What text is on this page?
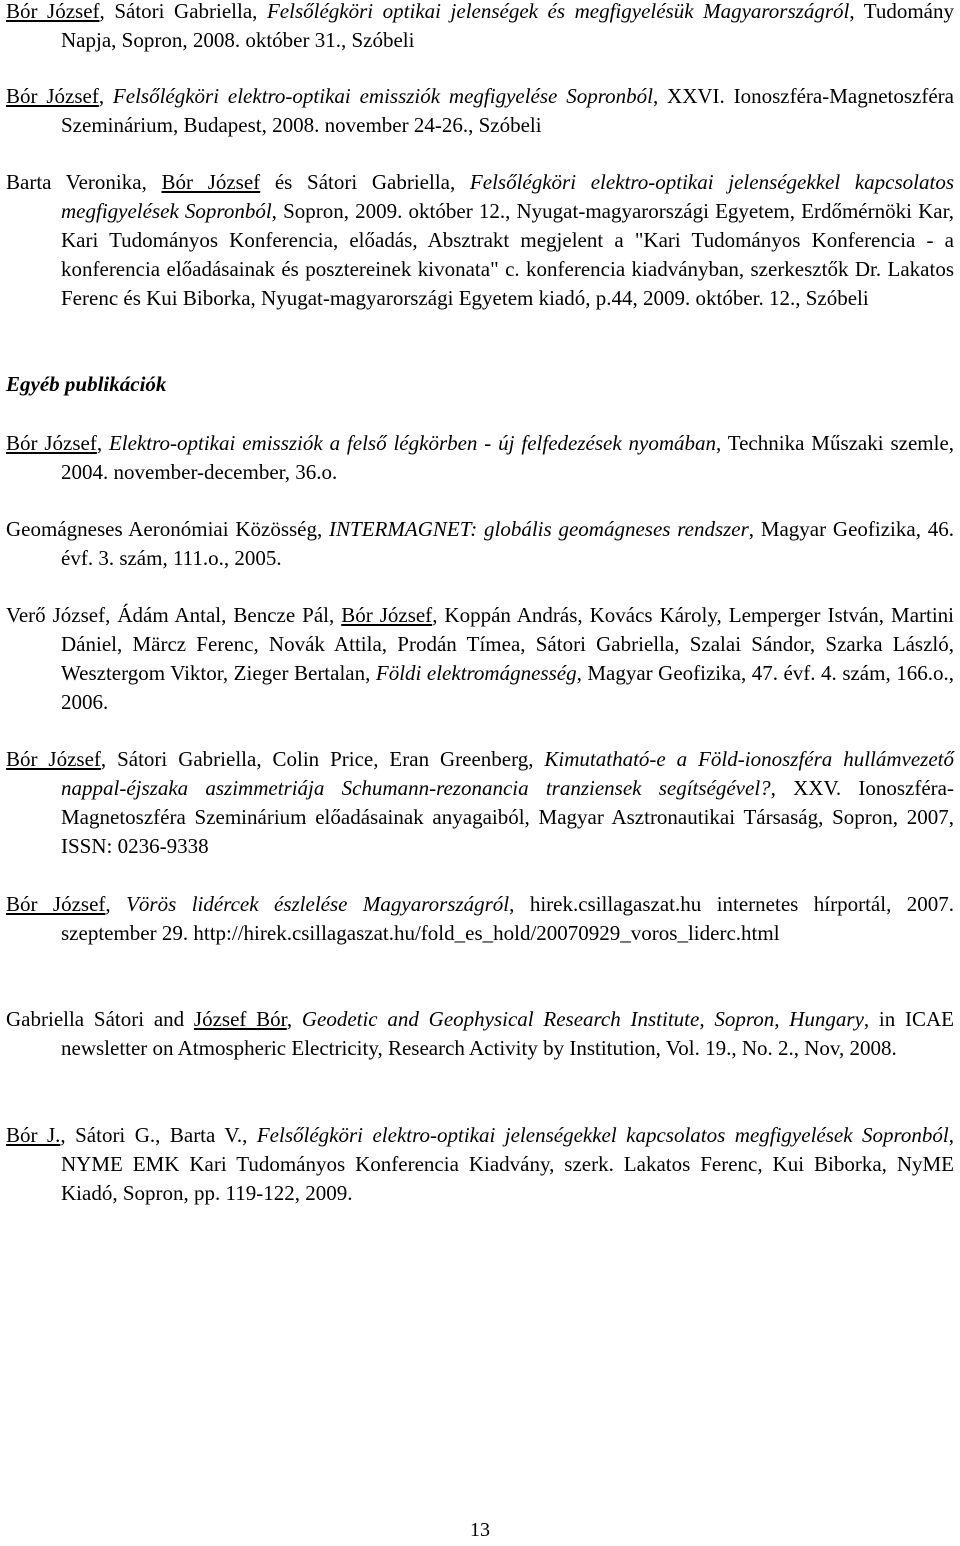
Bór József, Sátori Gabriella, Felsőlégköri optikai jelenségek és megfigyelésük Magyarországról, Tudomány Napja, Sopron, 2008. október 31., Szóbeli
Bór József, Felsőlégköri elektro-optikai emissziók megfigyelése Sopronból, XXVI. Ionoszféra-Magnetoszféra Szeminárium, Budapest, 2008. november 24-26., Szóbeli
Barta Veronika, Bór József és Sátori Gabriella, Felsőlégköri elektro-optikai jelenségekkel kapcsolatos megfigyelések Sopronból, Sopron, 2009. október 12., Nyugat-magyarországi Egyetem, Erdőmérnöki Kar, Kari Tudományos Konferencia, előadás, Absztrakt megjelent a "Kari Tudományos Konferencia - a konferencia előadásainak és posztereinek kivonata" c. konferencia kiadványban, szerkesztők Dr. Lakatos Ferenc és Kui Biborka, Nyugat-magyarországi Egyetem kiadó, p.44, 2009. október. 12., Szóbeli
Egyéb publikációk
Bór József, Elektro-optikai emissziók a felső légkörben - új felfedezések nyomában, Technika Műszaki szemle, 2004. november-december, 36.o.
Geomágneses Aeronómiai Közösség, INTERMAGNET: globális geomágneses rendszer, Magyar Geofizika, 46. évf. 3. szám, 111.o., 2005.
Verő József, Ádám Antal, Bencze Pál, Bór József, Koppán András, Kovács Károly, Lemperger István, Martini Dániel, Märcz Ferenc, Novák Attila, Prodán Tímea, Sátori Gabriella, Szalai Sándor, Szarka László, Wesztergom Viktor, Zieger Bertalan, Földi elektromágnesség, Magyar Geofizika, 47. évf. 4. szám, 166.o., 2006.
Bór József, Sátori Gabriella, Colin Price, Eran Greenberg, Kimutatható-e a Föld-ionoszféra hullámvezető nappal-éjszaka aszimmetriája Schumann-rezonancia tranziensek segítségével?, XXV. Ionoszféra-Magnetoszféra Szeminárium előadásainak anyagaiból, Magyar Asztronautikai Társaság, Sopron, 2007, ISSN: 0236-9338
Bór József, Vörös lidércek észlelése Magyarországról, hirek.csillagaszat.hu internetes hírportál, 2007. szeptember 29. http://hirek.csillagaszat.hu/fold_es_hold/20070929_voros_liderc.html
Gabriella Sátori and József Bór, Geodetic and Geophysical Research Institute, Sopron, Hungary, in ICAE newsletter on Atmospheric Electricity, Research Activity by Institution, Vol. 19., No. 2., Nov, 2008.
Bór J., Sátori G., Barta V., Felsőlégköri elektro-optikai jelenségekkel kapcsolatos megfigyelések Sopronból, NYME EMK Kari Tudományos Konferencia Kiadvány, szerk. Lakatos Ferenc, Kui Biborka, NyME Kiadó, Sopron, pp. 119-122, 2009.
13
